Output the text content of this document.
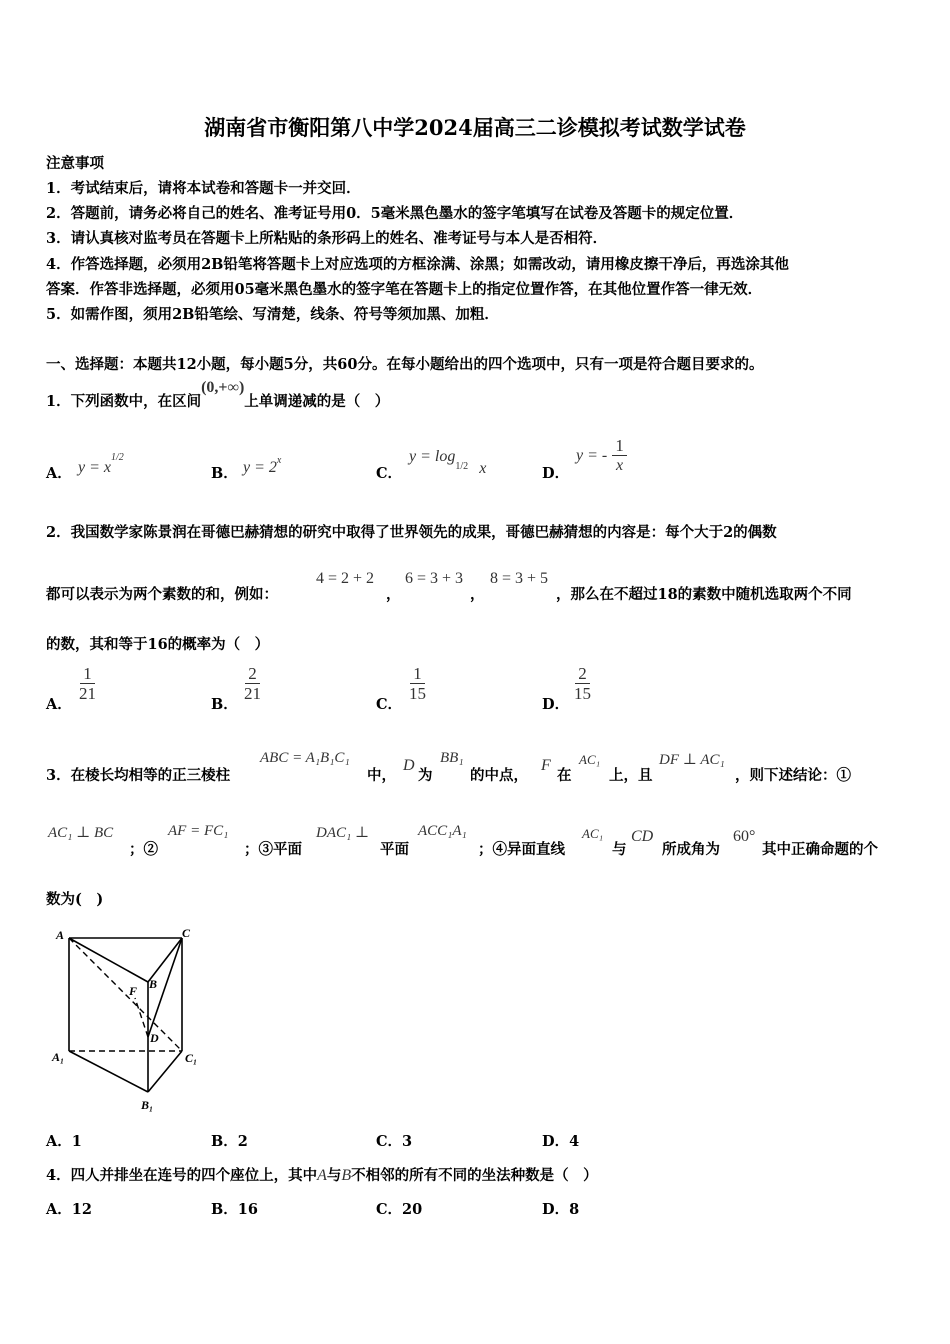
湖南省市衡阳第八中学2024届高三二诊模拟考试数学试卷
注意事项
1．考试结束后，请将本试卷和答题卡一并交回．
2．答题前，请务必将自己的姓名、准考证号用0．5毫米黑色墨水的签字笔填写在试卷及答题卡的规定位置．
3．请认真核对监考员在答题卡上所粘贴的条形码上的姓名、准考证号与本人是否相符．
4．作答选择题，必须用2B铅笔将答题卡上对应选项的方框涂满、涂黑；如需改动，请用橡皮擦干净后，再选涂其他
答案．作答非选择题，必须用05毫米黑色墨水的签字笔在答题卡上的指定位置作答，在其他位置作答一律无效．
5．如需作图，须用2B铅笔绘、写清楚，线条、符号等须加黑、加粗．
一、选择题：本题共12小题，每小题5分，共60分。在每小题给出的四个选项中，只有一项是符合题目要求的。
1．下列函数中，在区间(0,+∞)上单调递减的是（　）
A． $y = x^{1/2}$
B． $y = 2^x$
C．
$y = \log_{1/2} x$	D．
y = - $\frac{1}{x}$
2．我国数学家陈景润在哥德巴赫猜想的研究中取得了世界领先的成果，哥德巴赫猜想的内容是：每个大于2的偶数
都可以表示为两个素数的和，例如：
4 = 2 + 2
，
6 = 3 + 3
，
8 = 3 + 5
，那么在不超过18的素数中随机选取两个不同
的数，其和等于16的概率为（　）
A．
$\frac{1}{21}$
B．
$\frac{2}{21}$
C．
$\frac{1}{15}$
D．
$\frac{2}{15}$
3．在棱长均相等的正三棱柱
ABC = A₁B₁C₁
中，
D
为
BB₁
的中点，
F
在
AC₁
上，且
DF ⊥ AC₁
，则下述结论：①
AC₁ ⊥ BC
；②
AF = FC₁
；③平面
DAC₁ ⊥
平面
ACC₁A₁
；④异面直线
AC₁
与
CD
所成角为
60°
其中正确命题的个
数为(　)
A	C
B
F
D
A₁	C₁
B₁
A．1	B．2	C．3	D．4
4．四人并排坐在连号的四个座位上，其中A与B不相邻的所有不同的坐法种数是（　）
A．12	B．16	C．20	D．8
